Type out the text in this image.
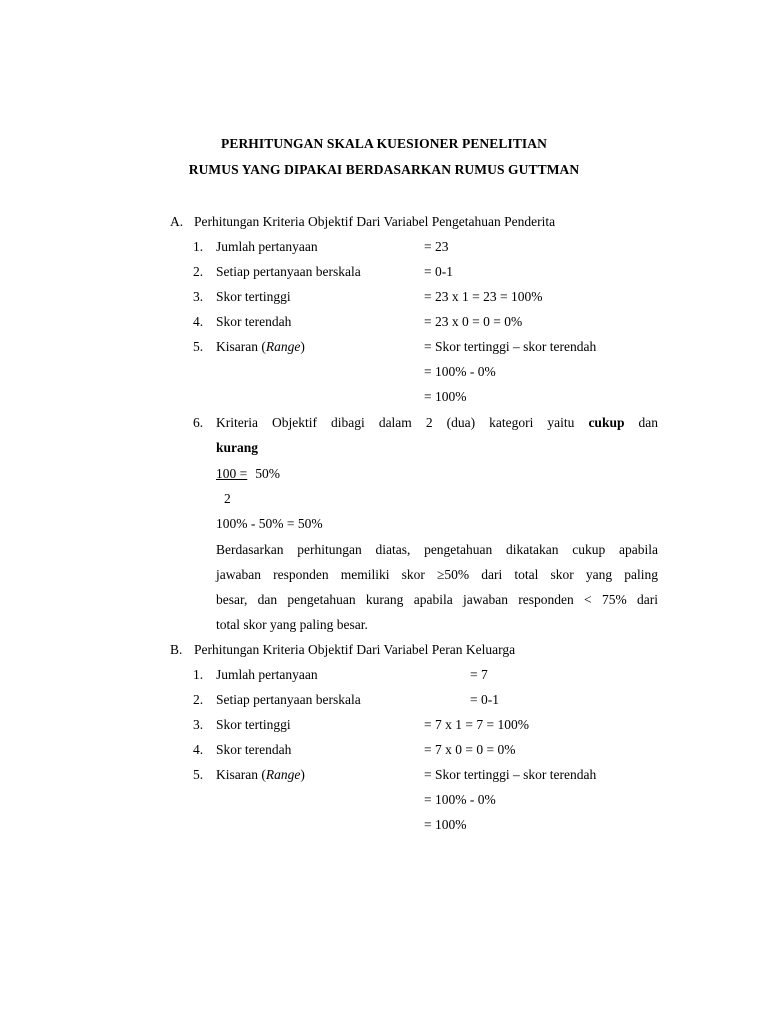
PERHITUNGAN SKALA KUESIONER PENELITIAN
RUMUS YANG DIPAKAI BERDASARKAN RUMUS GUTTMAN
A. Perhitungan Kriteria Objektif Dari Variabel Pengetahuan Penderita
1. Jumlah pertanyaan	= 23
2. Setiap pertanyaan berskala	= 0-1
3. Skor tertinggi	= 23 x 1 = 23 = 100%
4. Skor terendah	= 23 x 0 = 0 = 0%
5. Kisaran (Range)	= Skor tertinggi – skor terendah
= 100% - 0%
= 100%
6. Kriteria Objektif dibagi dalam 2 (dua) kategori yaitu cukup dan
kurang
100 = 50%
2
100% - 50% = 50%
Berdasarkan perhitungan diatas, pengetahuan dikatakan cukup apabila
jawaban responden memiliki skor ≥50% dari total skor yang paling
besar, dan pengetahuan kurang apabila jawaban responden < 75% dari
total skor yang paling besar.
B. Perhitungan Kriteria Objektif Dari Variabel Peran Keluarga
1. Jumlah pertanyaan	= 7
2. Setiap pertanyaan berskala	= 0-1
3. Skor tertinggi	= 7 x 1 = 7 = 100%
4. Skor terendah	= 7 x 0 = 0 = 0%
5. Kisaran (Range)	= Skor tertinggi – skor terendah
= 100% - 0%
= 100%
